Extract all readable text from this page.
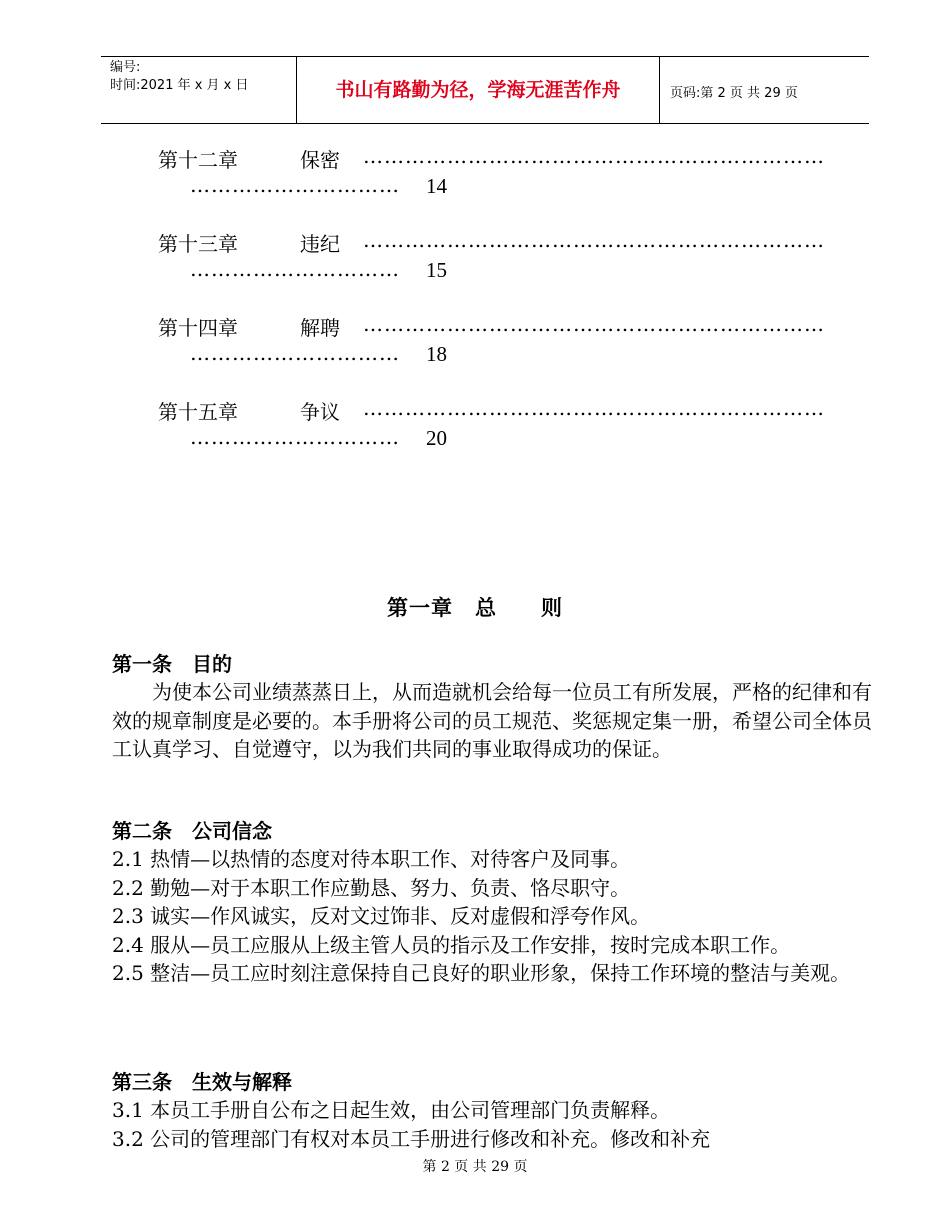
编号:
时间:2021 年 x 月 x 日	书山有路勤为径，学海无涯苦作舟	页码:第 2 页 共 29 页
第十二章	保密 …………………………………………………………
…………………………	14
第十三章	违纪 …………………………………………………………
…………………………	15
第十四章	解聘 …………………………………………………………
…………………………	18
第十五章	争议 …………………………………………………………
…………………………	20
第一章　总　　则
第一条　目的

为使本公司业绩蒸蒸日上，从而造就机会给每一位员工有所发展，严格的纪律和有效的规章制度是必要的。本手册将公司的员工规范、奖惩规定集一册，希望公司全体员工认真学习、自觉遵守，以为我们共同的事业取得成功的保证。

第二条　公司信念

2.1 热情—以热情的态度对待本职工作、对待客户及同事。

2.2 勤勉—对于本职工作应勤恳、努力、负责、恪尽职守。

2.3 诚实—作风诚实，反对文过饰非、反对虚假和浮夸作风。

2.4 服从—员工应服从上级主管人员的指示及工作安排，按时完成本职工作。

2.5 整洁—员工应时刻注意保持自己良好的职业形象，保持工作环境的整洁与美观。

第三条　生效与解释

3.1 本员工手册自公布之日起生效，由公司管理部门负责解释。

3.2 公司的管理部门有权对本员工手册进行修改和补充。修改和补充

第 2 页 共 29 页
